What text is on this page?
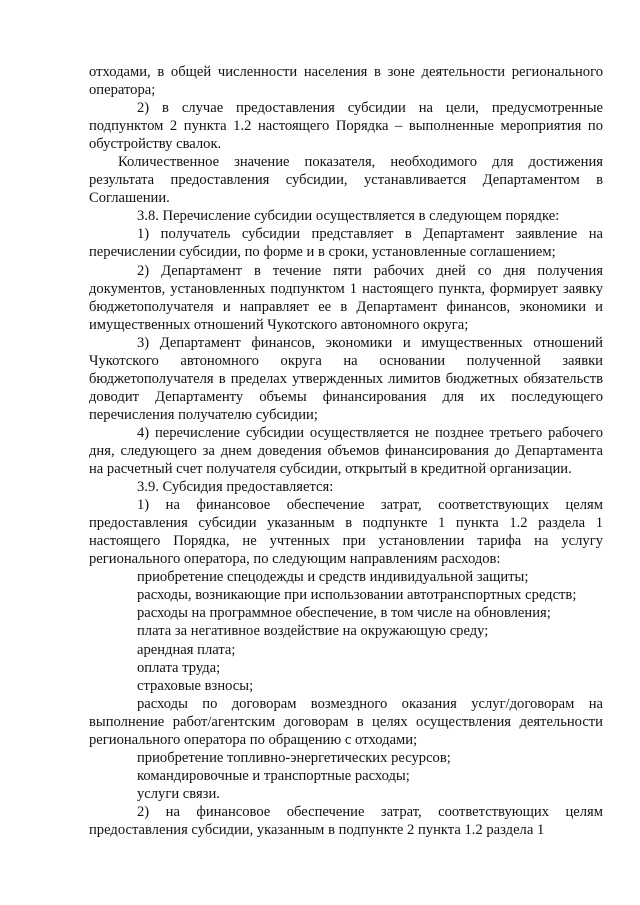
отходами, в общей численности населения в зоне деятельности регионального оператора;

2) в случае предоставления субсидии на цели, предусмотренные подпунктом 2 пункта 1.2 настоящего Порядка – выполненные мероприятия по обустройству свалок.

Количественное значение показателя, необходимого для достижения результата предоставления субсидии, устанавливается Департаментом в Соглашении.

3.8. Перечисление субсидии осуществляется в следующем порядке:

1) получатель субсидии представляет в Департамент заявление на перечислении субсидии, по форме и в сроки, установленные соглашением;

2) Департамент в течение пяти рабочих дней со дня получения документов, установленных подпунктом 1 настоящего пункта, формирует заявку бюджетополучателя и направляет ее в Департамент финансов, экономики и имущественных отношений Чукотского автономного округа;

3) Департамент финансов, экономики и имущественных отношений Чукотского автономного округа на основании полученной заявки бюджетополучателя в пределах утвержденных лимитов бюджетных обязательств доводит Департаменту объемы финансирования для их последующего перечисления получателю субсидии;

4) перечисление субсидии осуществляется не позднее третьего рабочего дня, следующего за днем доведения объемов финансирования до Департамента на расчетный счет получателя субсидии, открытый в кредитной организации.

3.9. Субсидия предоставляется:

1) на финансовое обеспечение затрат, соответствующих целям предоставления субсидии указанным в подпункте 1 пункта 1.2 раздела 1 настоящего Порядка, не учтенных при установлении тарифа на услугу регионального оператора, по следующим направлениям расходов:

приобретение спецодежды и средств индивидуальной защиты;

расходы, возникающие при использовании автотранспортных средств;

расходы на программное обеспечение, в том числе на обновления;

плата за негативное воздействие на окружающую среду;

арендная плата;

оплата труда;

страховые взносы;

расходы по договорам возмездного оказания услуг/договорам на выполнение работ/агентским договорам в целях осуществления деятельности регионального оператора по обращению с отходами;

приобретение топливно-энергетических ресурсов;

командировочные и транспортные расходы;

услуги связи.

2) на финансовое обеспечение затрат, соответствующих целям предоставления субсидии, указанным в подпункте 2 пункта 1.2 раздела 1
